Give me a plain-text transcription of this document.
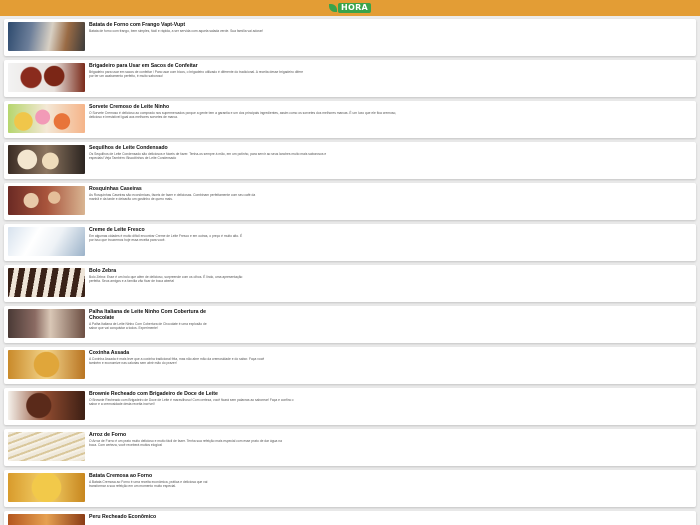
HORA
Batata de Forno com Frango Vapt-Vupt
Batata de forno com frango, bem simples, fácil e rápida, a ser servida com aquela salada verde. Sua família vai adorar!
Brigadeiro para Usar em Sacos de Confeitar
Brigadeiro para usar em sacos de confeitar / Para usar com bicos, o brigadeiro utilizado é diferente do tradicional. A receita desse brigadeiro difere por ter um acabamento perfeito, é muito saboroso!
Sorvete Cremoso de Leite Ninho
O Sorvete Cremoso é delicioso ao comprado nos supermercados porque a gente tem a garantia e um dos principais ingredientes, assim como os sorvetes dos melhores marcas. É um luxo que ele fica cremoso, delicioso e irresistível igual aos melhores sorvetes de marca.
Sequilhos de Leite Condensado
Os Sequilhos de Leite Condensado são deliciosos e fáceis de fazer. Tenha-os sempre à mão, em um potinho, para servir ao seus lanches muito mais saborosos e especiais! Veja Também: Biscoitinhos de Leite Condensado
Rosquinhas Caseiras
As Rosquinhas Caseiras são econômicas, fáceis de fazer e deliciosas. Combinam perfeitamente com seu café da manhã e da tarde e deixarão um gostinho de quero mais.
Creme de Leite Fresco
Em algumas cidades é muito difícil encontrar Creme de Leite Fresco e em outras, o preço é muito alto. É por isso que trouxemos hoje essa receita para você.
Bolo Zebra
Bolo Zebra: Esse é um bolo que além de delicioso, surpreende com os olhos. É lindo, uma apresentação perfeita. Seus amigos e a família vão ficar de boca aberta!
Palha Italiana de Leite Ninho Com Cobertura de Chocolate
A Palha Italiana de Leite Ninho Com Cobertura de Chocolate é uma explosão de sabor que vai conquistar a todos. Experimente!
Coxinha Assada
A Coxinha Assada é mais leve que a coxinha tradicional frita, mas não abre mão da cremosidade e do sabor. Faça você também e economize nas calorias sem abrir mão do prazer!
Brownie Recheado com Brigadeiro de Doce de Leite
O Brownie Recheado com Brigadeiro de Doce de Leite é maravilhoso! Com certeza, você ficará sem palavras ao saborear! Faça e confira o sabor e a cremosidade desta receita incrível!
Arroz de Forno
O Arroz de Forno é um prato muito delicioso e muito fácil de fazer. Tenha sua refeição mais especial com esse prato de dar água na boca. Com certeza, você receberá muitos elogios!
Batata Cremosa ao Forno
A Batata Cremosa ao Forno é uma receita econômica, prática e deliciosa que vai transformar a sua refeição em um momento muito especial.
Peru Recheado Econômico
